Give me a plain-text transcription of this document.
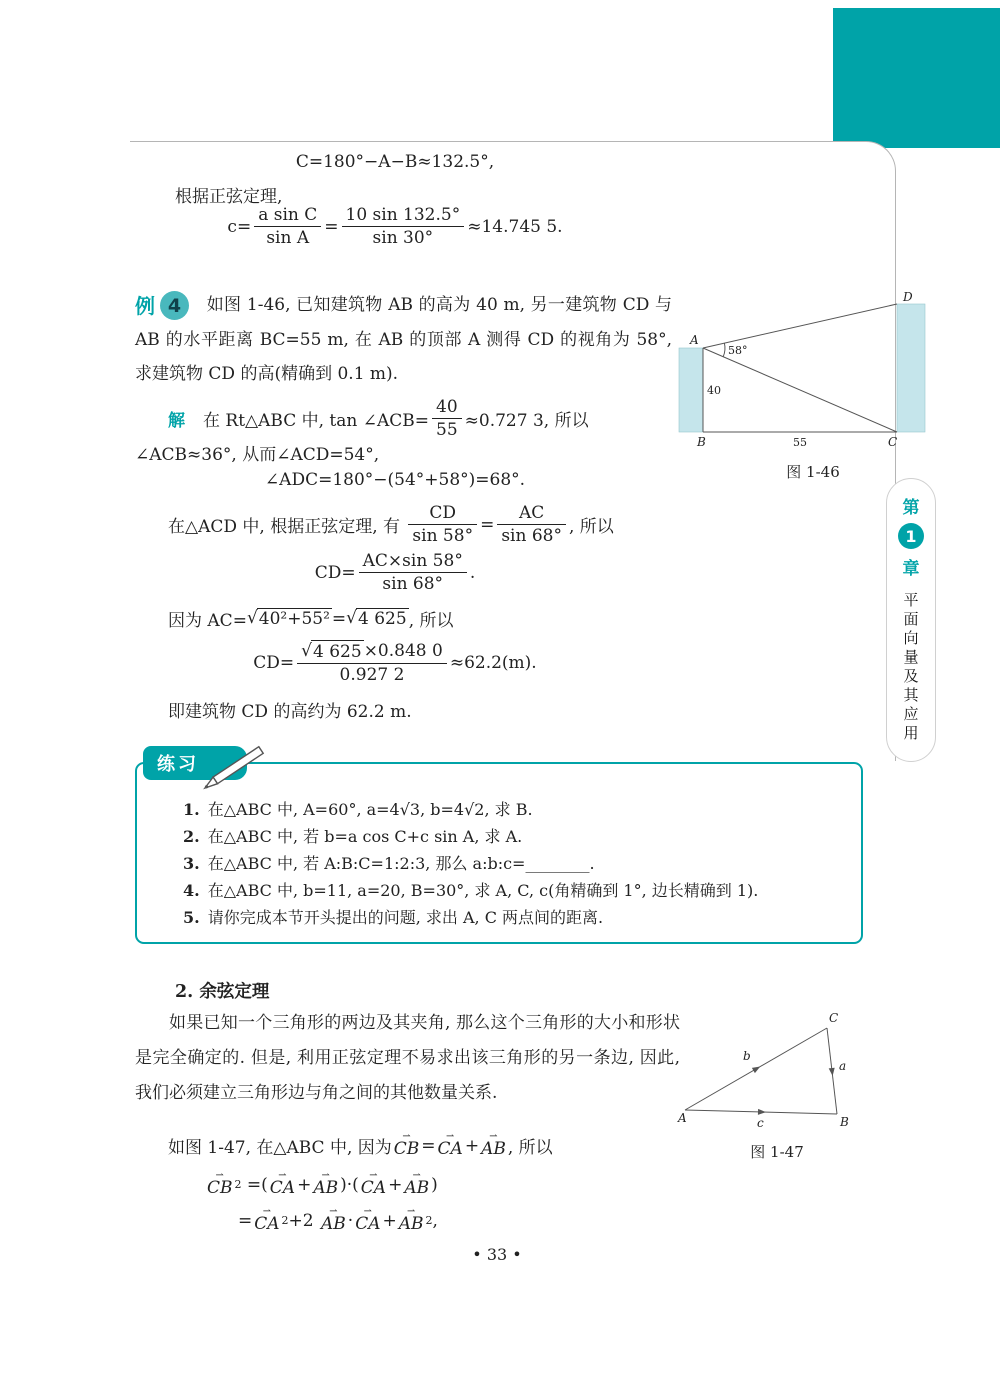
第
1
章
平面向量及其应用
C=180°−A−B≈132.5°,
根据正弦定理,
$c= \frac{\text{a sin C}}{\text{sin A}} = \frac{10 \sin 132.5^\circ}{\sin 30^\circ} \approx 14.745$ 5.
例 4	如图 1-46, 已知建筑物 AB 的高为 40 m, 另一建筑物 CD 与 AB 的水平距离 BC=55 m, 在 AB 的顶部 A 测得 CD 的视角为 58°, 求建筑物 CD 的高(精确到 0.1 m).
A
58°
D
40
B	55	C
图 1-46
解 在 Rt△ABC 中, tan ∠ACB= $\frac{40}{55} \approx 0.727$ 3, 所以
∠ACB≈36°, 从而∠ACD=54°,
∠ADC=180°−(54°+58°)=68°.
在△ACD 中, 根据正弦定理, 有 $\frac{CD}{\sin 58^\circ} = \frac{AC}{\sin 68^\circ}$ , 所以
$CD= \frac{AC\times\sin 58^\circ}{\sin 68^\circ}$ .
因为 AC= √ 40²+55² = √ 4 625 , 所以
$CD= \frac{√ 4 625 \times 0.848 0}{0.927 2} \approx 62.2(m)$.
即建筑物 CD 的高约为 62.2 m.
练习
1. 在△ABC 中, A=60°, a=4√3, b=4√2, 求 B.
2. 在△ABC 中, 若 b=a cos C+c sin A, 求 A.
3. 在△ABC 中, 若 A:B:C=1:2:3, 那么 a:b:c=________.
4. 在△ABC 中, b=11, a=20, B=30°, 求 A, C, c(角精确到 1°, 边长精确到 1).
5. 请你完成本节开头提出的问题, 求出 A, C 两点间的距离.
2. 余弦定理
如果已知一个三角形的两边及其夹角, 那么这个三角形的大小和形状是完全确定的. 但是, 利用正弦定理不易求出该三角形的另一条边, 因此, 我们必须建立三角形边与角之间的其他数量关系.
b
a
c
A	B
C
图 1-47
如图 1-47, 在△ABC 中, 因为
⇀
CB = ⇀
CA + ⇀
AB , 所以
⇀
CB 2 =( ⇀
CA + ⇀
AB )·( ⇀
CA + ⇀
AB )
= ⇀
CA 2 +2 ⇀
AB · ⇀
CA + ⇀
AB 2 ,
• 33 •
